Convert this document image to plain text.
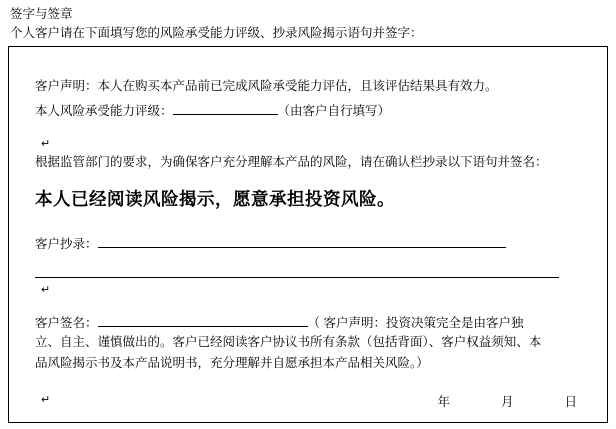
签字与签章
个人客户请在下面填写您的风险承受能力评级、抄录风险揭示语句并签字：
客户声明：本人在购买本产品前已完成风险承受能力评估，且该评估结果具有效力。
本人风险承受能力评级：	（由客户自行填写）
↵
根据监管部门的要求，为确保客户充分理解本产品的风险，请在确认栏抄录以下语句并签名：
本人已经阅读风险揭示，愿意承担投资风险。
客户抄录：
↵
客户签名：	（ 客户声明：投资决策完全是由客户独
立、自主、谨慎做出的。客户已经阅读客户协议书所有条款（包括背面）、客户权益须知、本
品风险揭示书及本产品说明书，充分理解并自愿承担本产品相关风险。）
↵	年	月	日
